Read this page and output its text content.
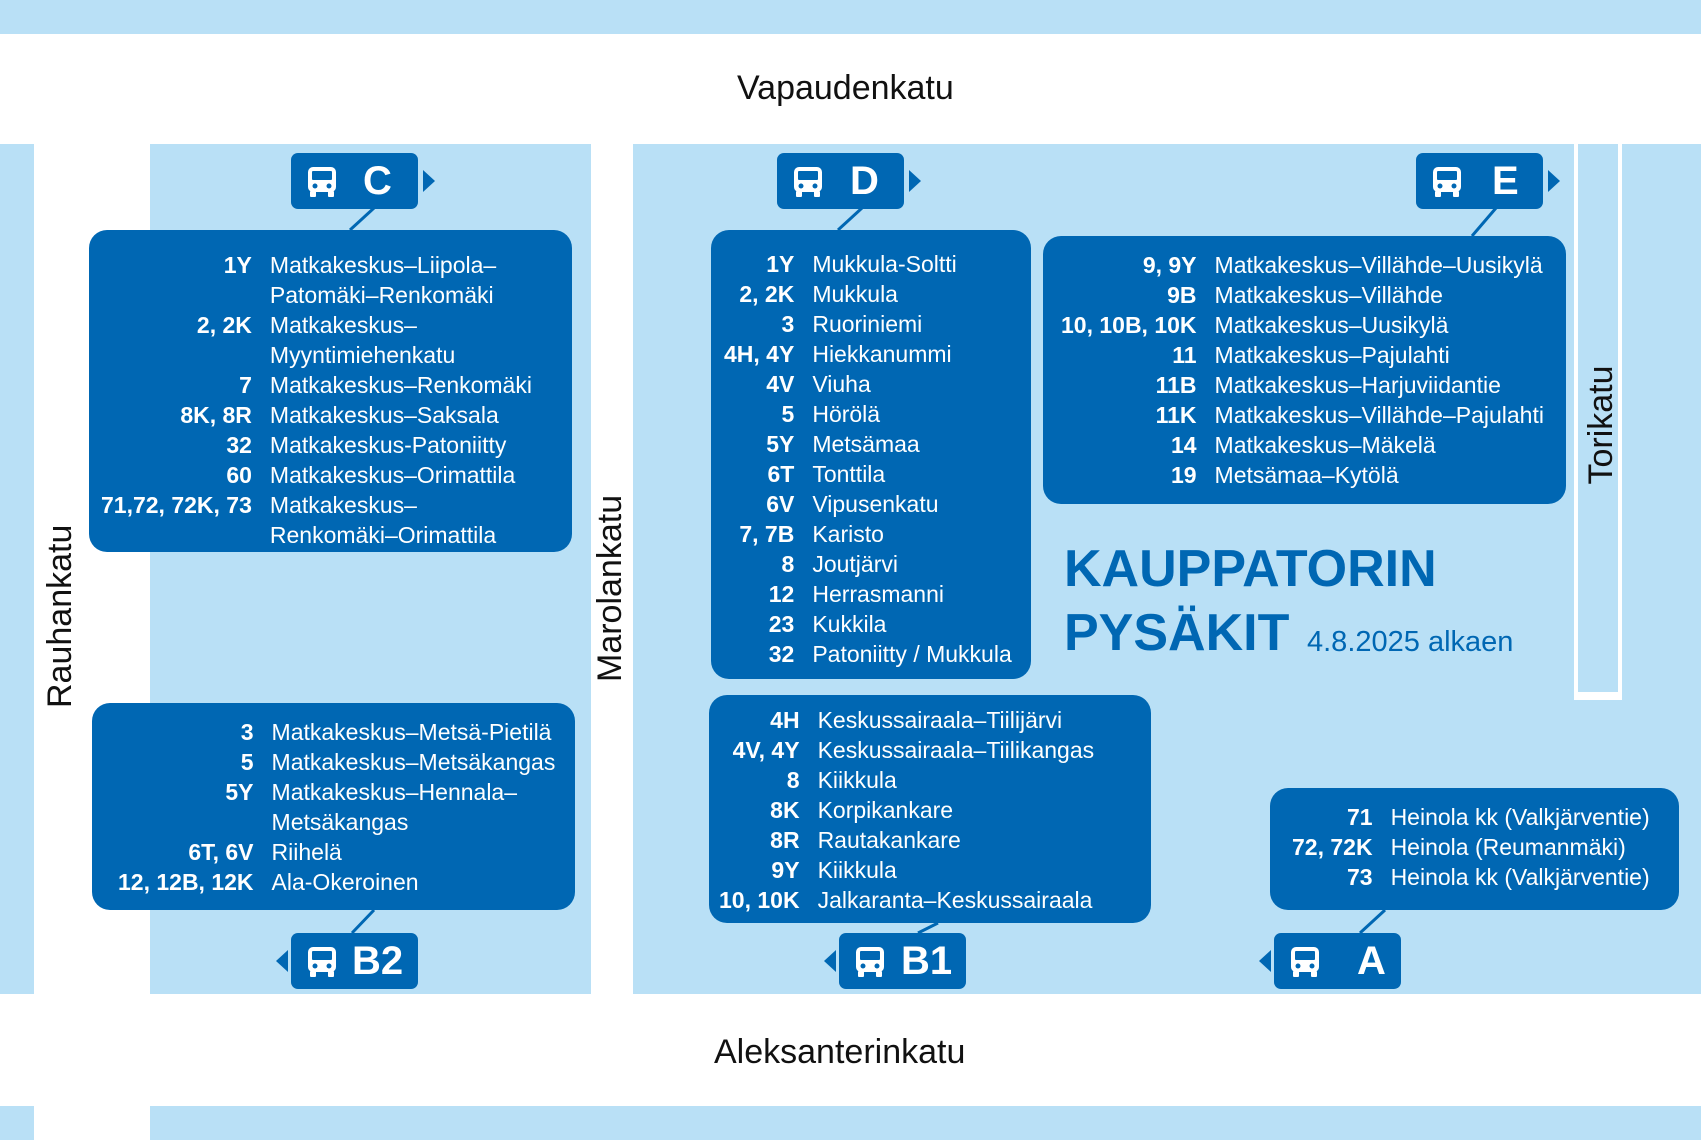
Vapaudenkatu
Aleksanterinkatu
Rauhankatu	Marolankatu
Torikatu
C	D	E
B2	B1	A
1Y	Matkakeskus–Liipola–
	Patomäki–Renkomäki
2, 2K	Matkakeskus–
	Myyntimiehenkatu
7	Matkakeskus–Renkomäki
8K, 8R	Matkakeskus–Saksala
32	Matkakeskus-Patoniitty
60	Matkakeskus–Orimattila
71,72, 72K, 73	Matkakeskus–
	Renkomäki–Orimattila
3	Matkakeskus–Metsä-Pietilä
5	Matkakeskus–Metsäkangas
5Y	Matkakeskus–Hennala–
	Metsäkangas
6T, 6V	Riihelä
12, 12B, 12K	Ala-Okeroinen
1Y	Mukkula-Soltti
2, 2K	Mukkula
3	Ruoriniemi
4H, 4Y	Hiekkanummi
4V	Viuha
5	Hörölä
5Y	Metsämaa
6T	Tonttila
6V	Vipusenkatu
7, 7B	Karisto
8	Joutjärvi
12	Herrasmanni
23	Kukkila
32	Patoniitty / Mukkula
9, 9Y	Matkakeskus–Villähde–Uusikylä
9B	Matkakeskus–Villähde
10, 10B, 10K	Matkakeskus–Uusikylä
11	Matkakeskus–Pajulahti
11B	Matkakeskus–Harjuviidantie
11K	Matkakeskus–Villähde–Pajulahti
14	Matkakeskus–Mäkelä
19	Metsämaa–Kytölä
4H	Keskussairaala–Tiilijärvi
4V, 4Y	Keskussairaala–Tiilikangas
8	Kiikkula
8K	Korpikankare
8R	Rautakankare
9Y	Kiikkula
10, 10K	Jalkaranta–Keskussairaala
71	Heinola kk (Valkjärventie)
72, 72K	Heinola (Reumanmäki)
73	Heinola kk (Valkjärventie)
KAUPPATORIN
PYSÄKIT 4.8.2025 alkaen
